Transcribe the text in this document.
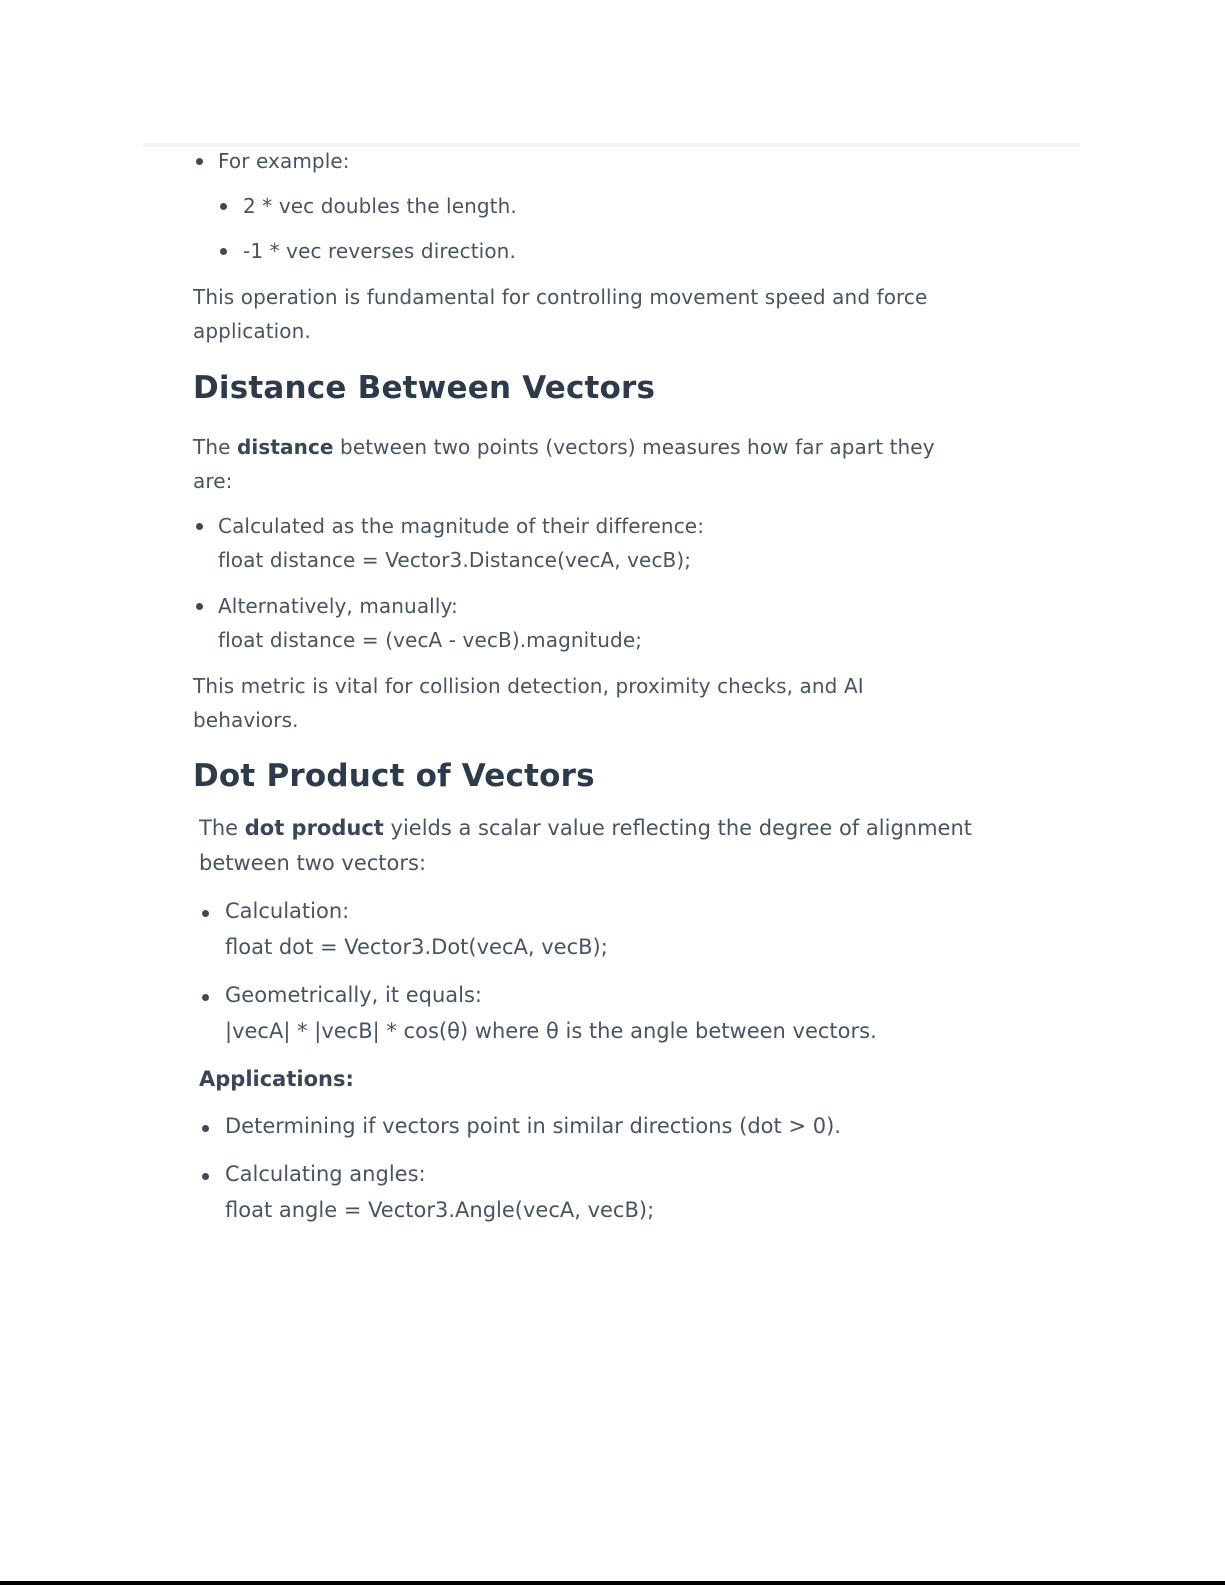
For example:
2 * vec doubles the length.
-1 * vec reverses direction.
This operation is fundamental for controlling movement speed and force
application.
Distance Between Vectors
The distance between two points (vectors) measures how far apart they
are:
Calculated as the magnitude of their difference:
float distance = Vector3.Distance(vecA, vecB);
Alternatively, manually:
float distance = (vecA - vecB).magnitude;
This metric is vital for collision detection, proximity checks, and AI
behaviors.
Dot Product of Vectors
The dot product yields a scalar value reflecting the degree of alignment
between two vectors:
Calculation:
float dot = Vector3.Dot(vecA, vecB);
Geometrically, it equals:
|vecA| * |vecB| * cos(θ) where θ is the angle between vectors.
Applications:
Determining if vectors point in similar directions (dot > 0).
Calculating angles:
float angle = Vector3.Angle(vecA, vecB);
